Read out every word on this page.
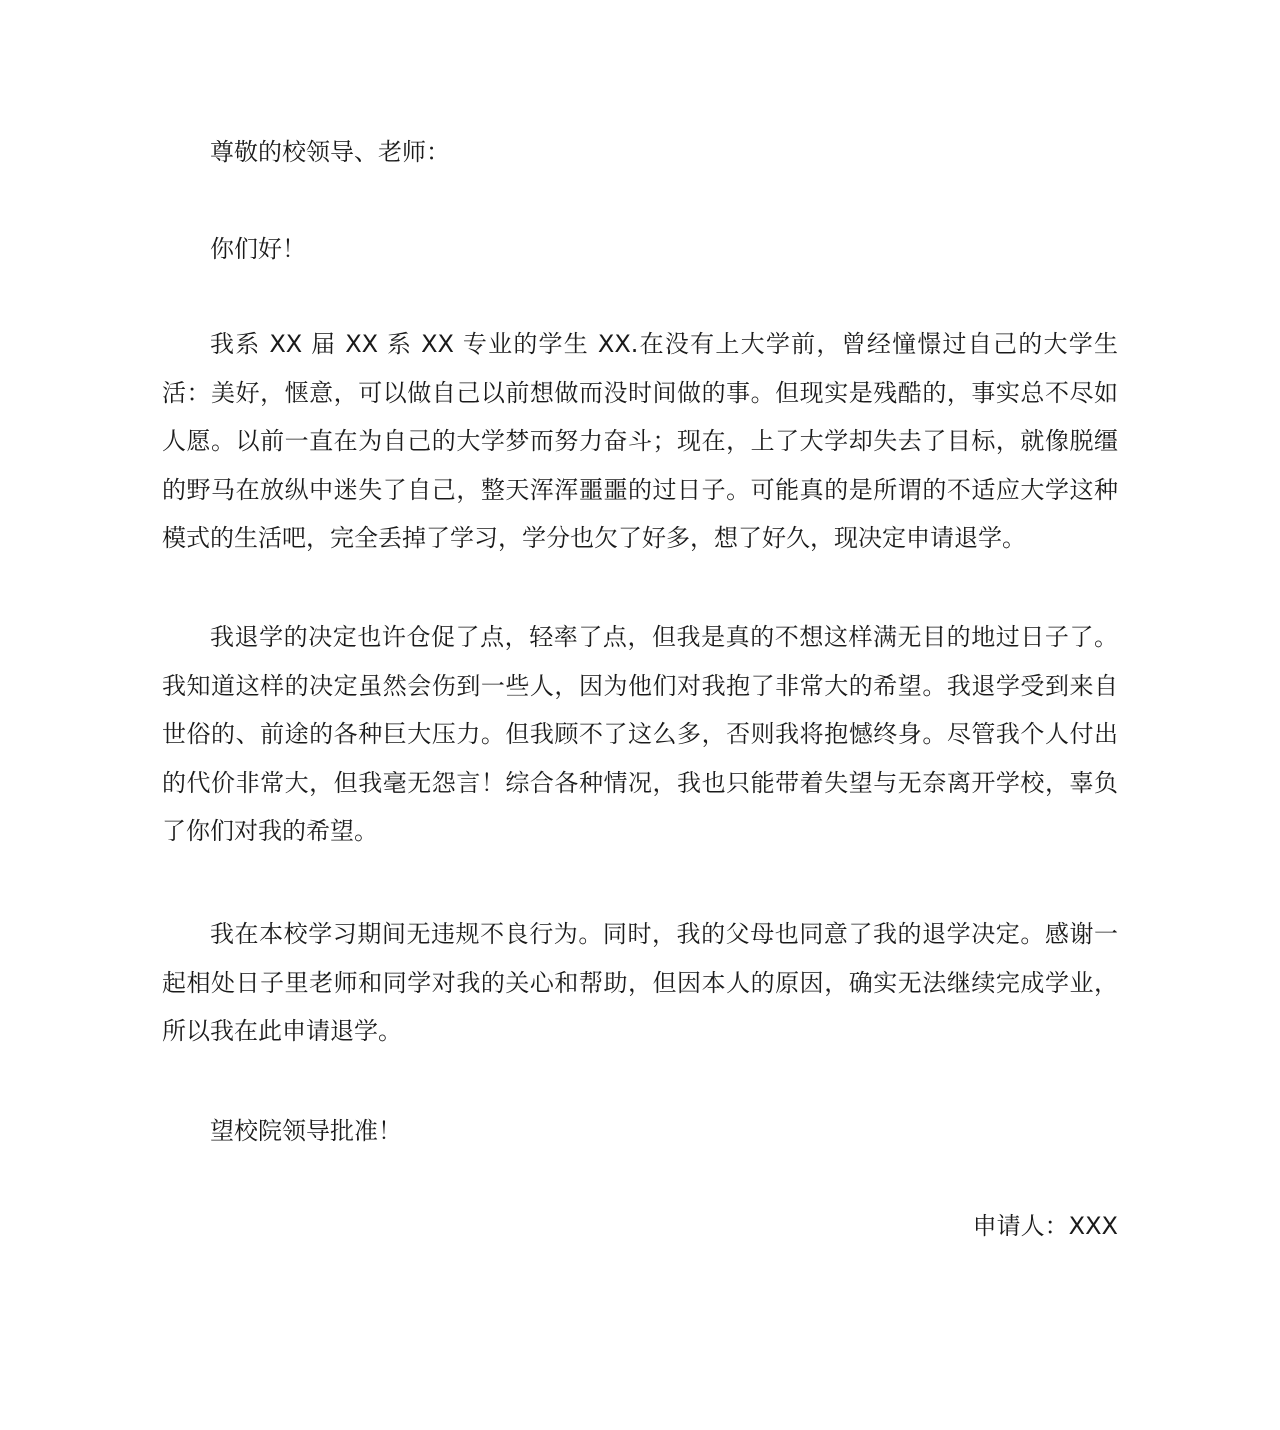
尊敬的校领导、老师：

你们好！

我系 XX 届 XX 系 XX 专业的学生 XX.在没有上大学前，曾经憧憬过自己的大学生活：美好，惬意，可以做自己以前想做而没时间做的事。但现实是残酷的，事实总不尽如人愿。以前一直在为自己的大学梦而努力奋斗；现在，上了大学却失去了目标，就像脱缰的野马在放纵中迷失了自己，整天浑浑噩噩的过日子。可能真的是所谓的不适应大学这种模式的生活吧，完全丢掉了学习，学分也欠了好多，想了好久，现决定申请退学。

我退学的决定也许仓促了点，轻率了点，但我是真的不想这样满无目的地过日子了。我知道这样的决定虽然会伤到一些人，因为他们对我抱了非常大的希望。我退学受到来自世俗的、前途的各种巨大压力。但我顾不了这么多，否则我将抱憾终身。尽管我个人付出的代价非常大，但我毫无怨言！综合各种情况，我也只能带着失望与无奈离开学校，辜负了你们对我的希望。

我在本校学习期间无违规不良行为。同时，我的父母也同意了我的退学决定。感谢一起相处日子里老师和同学对我的关心和帮助，但因本人的原因，确实无法继续完成学业，所以我在此申请退学。

望校院领导批准！

申请人：XXX
